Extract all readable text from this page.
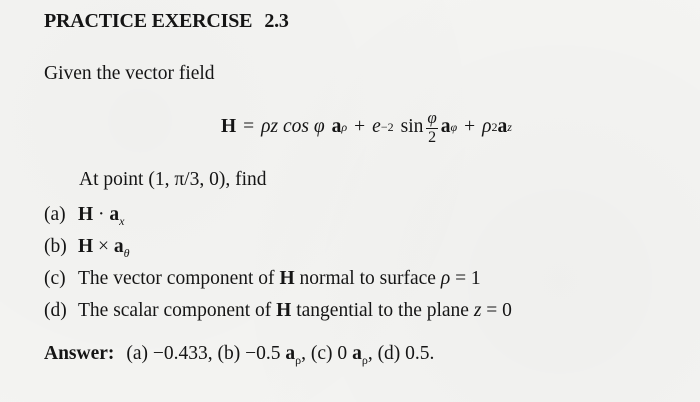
PRACTICE EXERCISE 2.3
Given the vector field
H = ρz cos φ a ρ + e −2 $\sin \frac{\varphi}{2}$ a φ + ρ 2 a z
At point (1, π/3, 0), find
(a) $H \cdot a_x$
(b) $H \times a_\theta$
(c) The vector component of H normal to surface ρ = 1
(d) The scalar component of H tangential to the plane z = 0
Answer: (a) −0.433, (b) −0.5 $a_\rho$, (c) 0 $a_\rho$, (d) 0.5.
